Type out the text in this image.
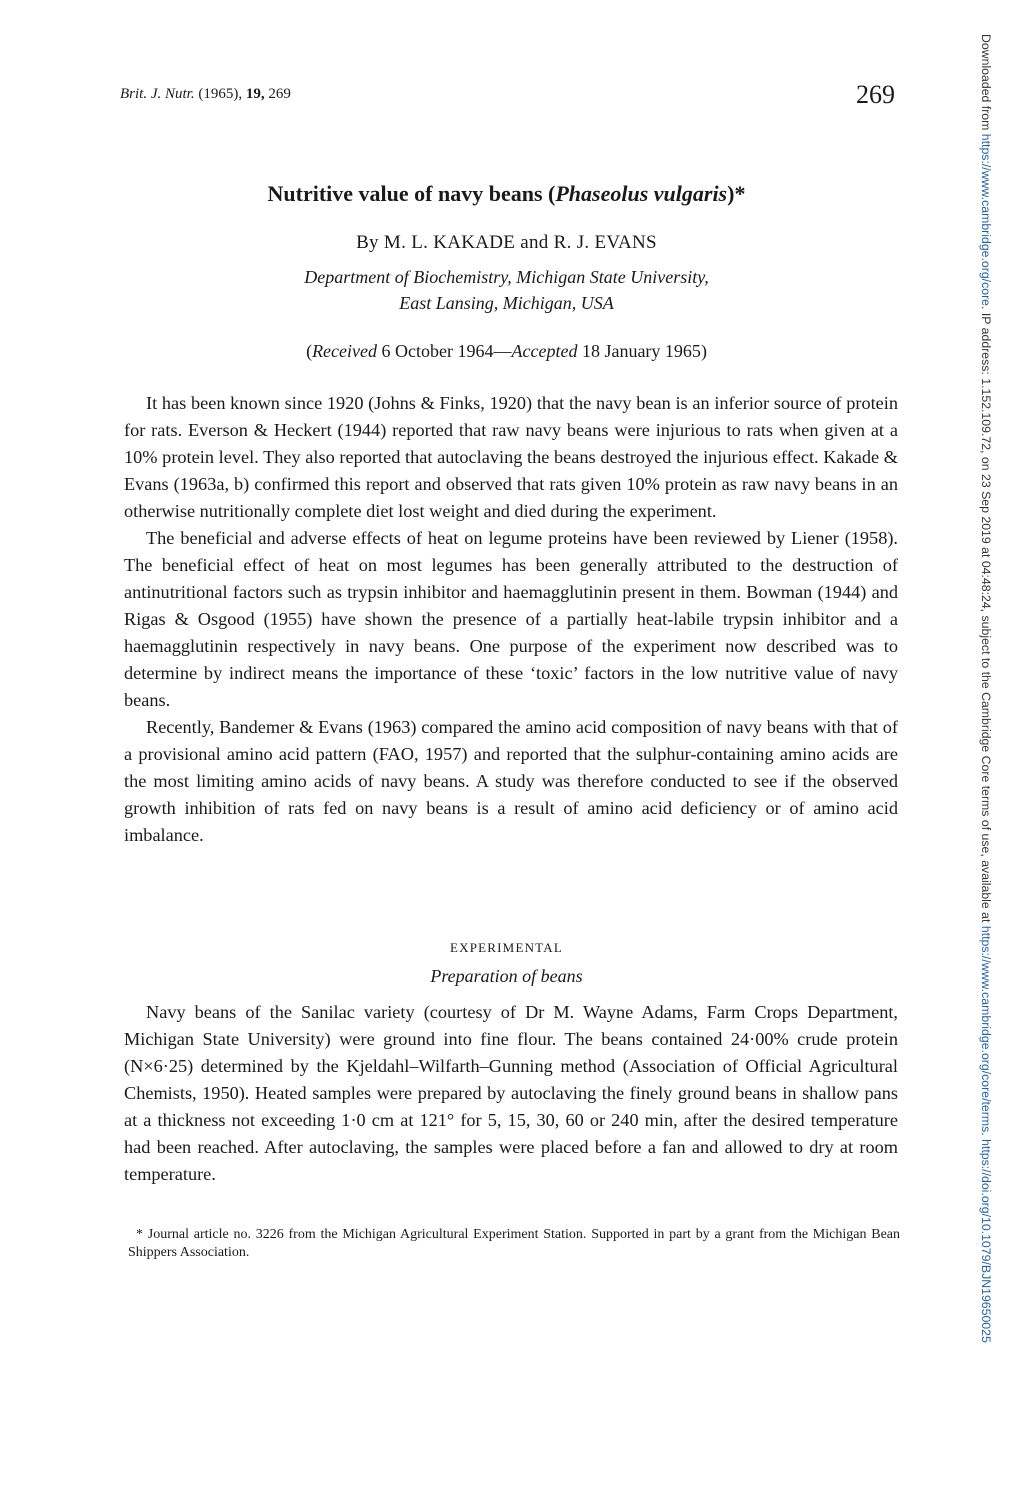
Brit. J. Nutr. (1965), 19, 269	269
Nutritive value of navy beans (Phaseolus vulgaris)*
By M. L. KAKADE and R. J. EVANS
Department of Biochemistry, Michigan State University,
East Lansing, Michigan, USA
(Received 6 October 1964—Accepted 18 January 1965)

It has been known since 1920 (Johns & Finks, 1920) that the navy bean is an inferior source of protein for rats. Everson & Heckert (1944) reported that raw navy beans were injurious to rats when given at a 10% protein level. They also reported that autoclaving the beans destroyed the injurious effect. Kakade & Evans (1963a, b) confirmed this report and observed that rats given 10% protein as raw navy beans in an otherwise nutritionally complete diet lost weight and died during the experiment.

The beneficial and adverse effects of heat on legume proteins have been reviewed by Liener (1958). The beneficial effect of heat on most legumes has been generally attributed to the destruction of antinutritional factors such as trypsin inhibitor and haemagglutinin present in them. Bowman (1944) and Rigas & Osgood (1955) have shown the presence of a partially heat-labile trypsin inhibitor and a haemagglutinin respectively in navy beans. One purpose of the experiment now described was to determine by indirect means the importance of these ‘toxic’ factors in the low nutritive value of navy beans.

Recently, Bandemer & Evans (1963) compared the amino acid composition of navy beans with that of a provisional amino acid pattern (FAO, 1957) and reported that the sulphur-containing amino acids are the most limiting amino acids of navy beans. A study was therefore conducted to see if the observed growth inhibition of rats fed on navy beans is a result of amino acid deficiency or of amino acid imbalance.

EXPERIMENTAL
Preparation of beans

Navy beans of the Sanilac variety (courtesy of Dr M. Wayne Adams, Farm Crops Department, Michigan State University) were ground into fine flour. The beans contained 24·00% crude protein (N×6·25) determined by the Kjeldahl–Wilfarth–Gunning method (Association of Official Agricultural Chemists, 1950). Heated samples were prepared by autoclaving the finely ground beans in shallow pans at a thickness not exceeding 1·0 cm at 121° for 5, 15, 30, 60 or 240 min, after the desired temperature had been reached. After autoclaving, the samples were placed before a fan and allowed to dry at room temperature.

* Journal article no. 3226 from the Michigan Agricultural Experiment Station. Supported in part by a grant from the Michigan Bean Shippers Association.

Downloaded from https://www.cambridge.org/core. IP address: 1.152.109.72, on 23 Sep 2019 at 04:48:24, subject to the Cambridge Core terms of use, available at https://www.cambridge.org/core/terms. https://doi.org/10.1079/BJN19650025
